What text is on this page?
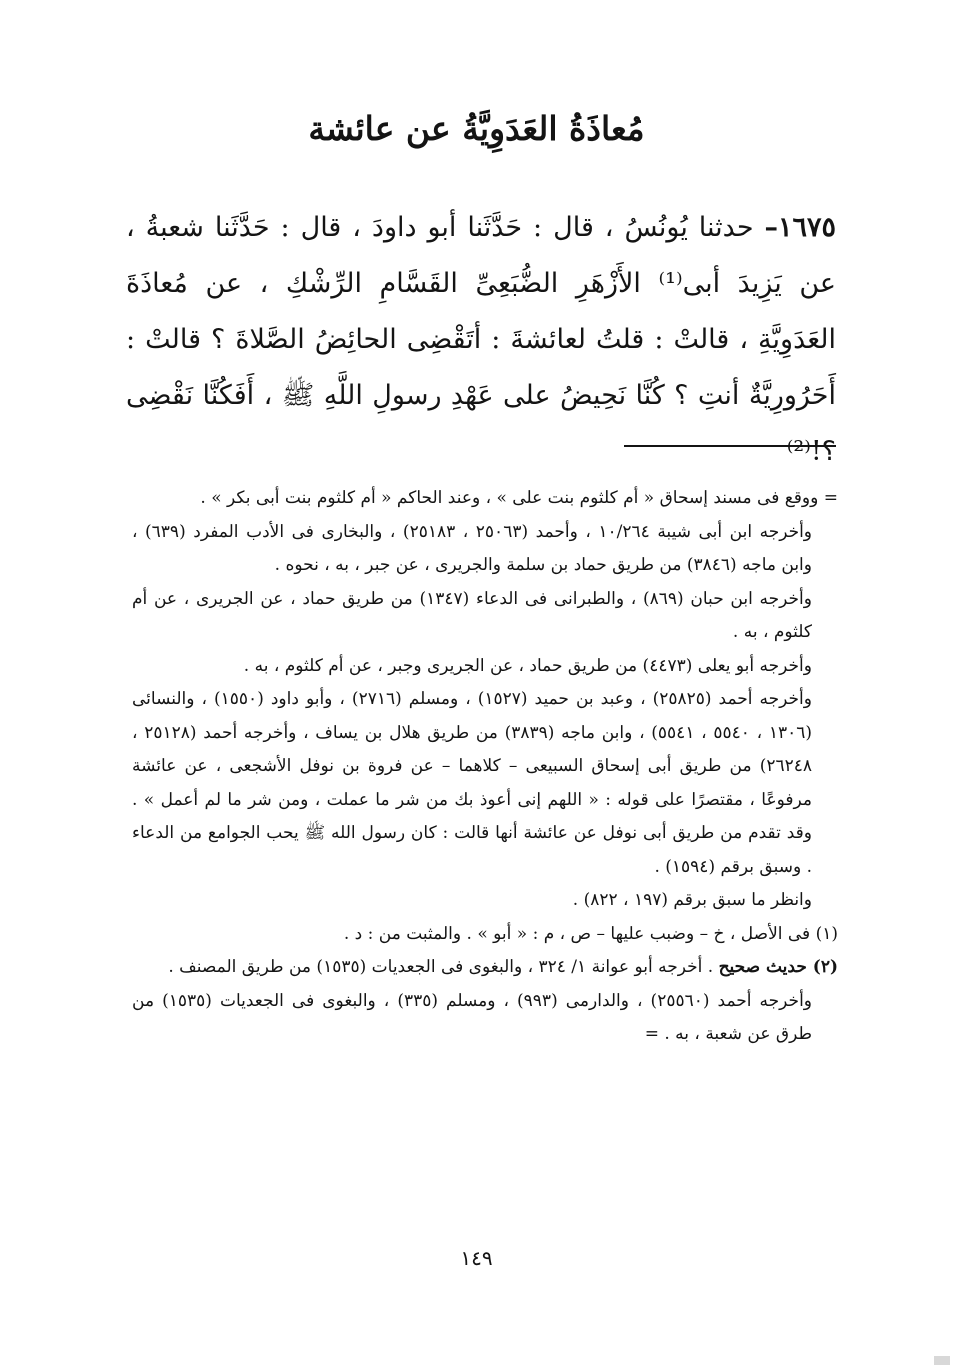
مُعاذَةُ العَدَوِيَّةُ عن عائشة
١٦٧٥– حدثنا يُونُسُ ، قال : حَدَّثَنا أبو داودَ ، قال : حَدَّثَنا شعبةُ ، عن يَزِيدَ أبى⁽¹⁾ الأَزْهَرِ الضُّبَعِىِّ القَسَّامِ الرِّشْكِ ، عن مُعاذَةَ العَدَوِيَّةِ ، قالتْ : قلتُ لعائشةَ : أتَقْضِى الحائِضُ الصَّلاةَ ؟ قالتْ : أَحَرُورِيَّةٌ أنتِ ؟ كُنَّا نَحِيضُ على عَهْدِ رسولِ اللَّهِ ﷺ ، أَفَكُنَّا نَقْضِى ؟!⁽²⁾

= ووقع فى مسند إسحاق « أم كلثوم بنت على » ، وعند الحاكم « أم كلثوم بنت أبى بكر » .

وأخرجه ابن أبى شيبة ١٠/٢٦٤ ، وأحمد (٢٥٠٦٣ ، ٢٥١٨٣) ، والبخارى فى الأدب المفرد (٦٣٩) ، وابن ماجه (٣٨٤٦) من طريق حماد بن سلمة والجريرى ، عن جبر ، به ، نحوه .

وأخرجه ابن حبان (٨٦٩) ، والطبرانى فى الدعاء (١٣٤٧) من طريق حماد ، عن الجريرى ، عن أم كلثوم ، به .

وأخرجه أبو يعلى (٤٤٧٣) من طريق حماد ، عن الجريرى وجبر ، عن أم كلثوم ، به .

وأخرجه أحمد (٢٥٨٢٥) ، وعبد بن حميد (١٥٢٧) ، ومسلم (٢٧١٦) ، وأبو داود (١٥٥٠) ، والنسائى (١٣٠٦ ، ٥٥٤٠ ، ٥٥٤١) ، وابن ماجه (٣٨٣٩) من طريق هلال بن يساف ، وأخرجه أحمد (٢٥١٢٨ ، ٢٦٢٤٨) من طريق أبى إسحاق السبيعى – كلاهما – عن فروة بن نوفل الأشجعى ، عن عائشة مرفوعًا ، مقتصرًا على قوله : « اللهم إنى أعوذ بك من شر ما عملت ، ومن شر ما لم أعمل » . وقد تقدم من طريق أبى نوفل عن عائشة أنها قالت : كان رسول الله ﷺ يحب الجوامع من الدعاء . وسبق برقم (١٥٩٤) .

وانظر ما سبق برقم (١٩٧ ، ٨٢٢) .

(١) فى الأصل ، خ – وضبب عليها – ص ، م : « أبو » . والمثبت من : د .

(٢) حديث صحيح . أخرجه أبو عوانة ١/ ٣٢٤ ، والبغوى فى الجعديات (١٥٣٥) من طريق المصنف .

وأخرجه أحمد (٢٥٥٦٠) ، والدارمى (٩٩٣) ، ومسلم (٣٣٥) ، والبغوى فى الجعديات (١٥٣٥) من طرق عن شعبة ، به . =

١٤٩
